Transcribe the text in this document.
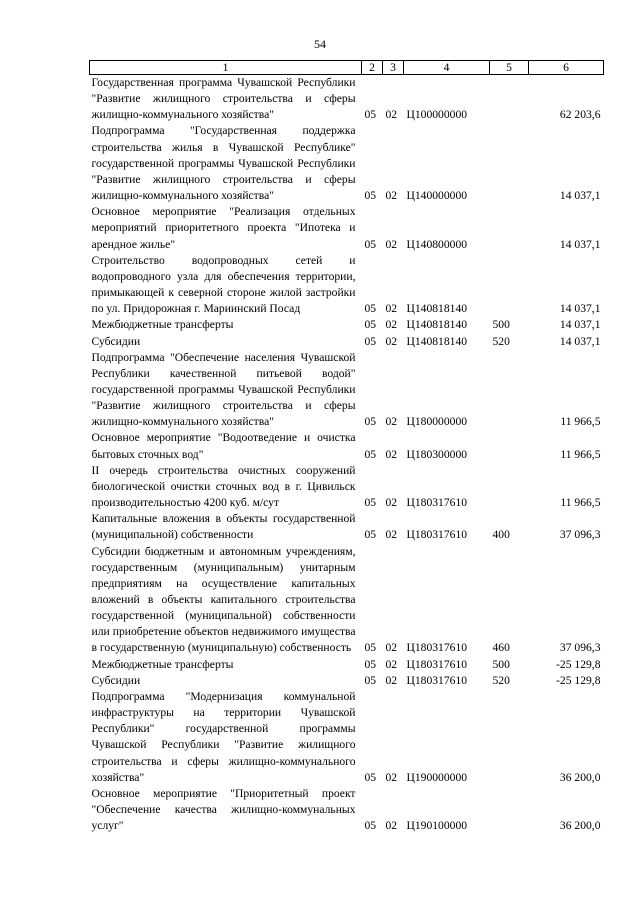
54
1	2	3	4	5	6
Государственная программа Чувашской Республики "Развитие жилищного строительства и сферы жилищно-коммунального хозяйства"	05	02	Ц100000000		62 203,6
Подпрограмма "Государственная поддержка строительства жилья в Чувашской Республике" государственной программы Чувашской Республики "Развитие жилищного строительства и сферы жилищно-коммунального хозяйства"	05	02	Ц140000000		14 037,1
Основное мероприятие "Реализация отдельных мероприятий приоритетного проекта "Ипотека и арендное жилье"	05	02	Ц140800000		14 037,1
Строительство водопроводных сетей и водопроводного узла для обеспечения территории, примыкающей к северной стороне жилой застройки по ул. Придорожная г. Мариинский Посад	05	02	Ц140818140		14 037,1
Межбюджетные трансферты	05	02	Ц140818140	500	14 037,1
Субсидии	05	02	Ц140818140	520	14 037,1
Подпрограмма "Обеспечение населения Чувашской Республики качественной питьевой водой" государственной программы Чувашской Республики "Развитие жилищного строительства и сферы жилищно-коммунального хозяйства"	05	02	Ц180000000		11 966,5
Основное мероприятие "Водоотведение и очистка бытовых сточных вод"	05	02	Ц180300000		11 966,5
II очередь строительства очистных сооружений биологической очистки сточных вод в г. Цивильск производительностью 4200 куб. м/сут	05	02	Ц180317610		11 966,5
Капитальные вложения в объекты государственной (муниципальной) собственности	05	02	Ц180317610	400	37 096,3
Субсидии бюджетным и автономным учреждениям, государственным (муниципальным) унитарным предприятиям на осуществление капитальных вложений в объекты капитального строительства государственной (муниципальной) собственности или приобретение объектов недвижимого имущества в государственную (муниципальную) собственность	05	02	Ц180317610	460	37 096,3
Межбюджетные трансферты	05	02	Ц180317610	500	-25 129,8
Субсидии	05	02	Ц180317610	520	-25 129,8
Подпрограмма "Модернизация коммунальной инфраструктуры на территории Чувашской Республики" государственной программы Чувашской Республики "Развитие жилищного строительства и сферы жилищно-коммунального хозяйства"	05	02	Ц190000000		36 200,0
Основное мероприятие "Приоритетный проект "Обеспечение качества жилищно-коммунальных услуг"	05	02	Ц190100000		36 200,0
